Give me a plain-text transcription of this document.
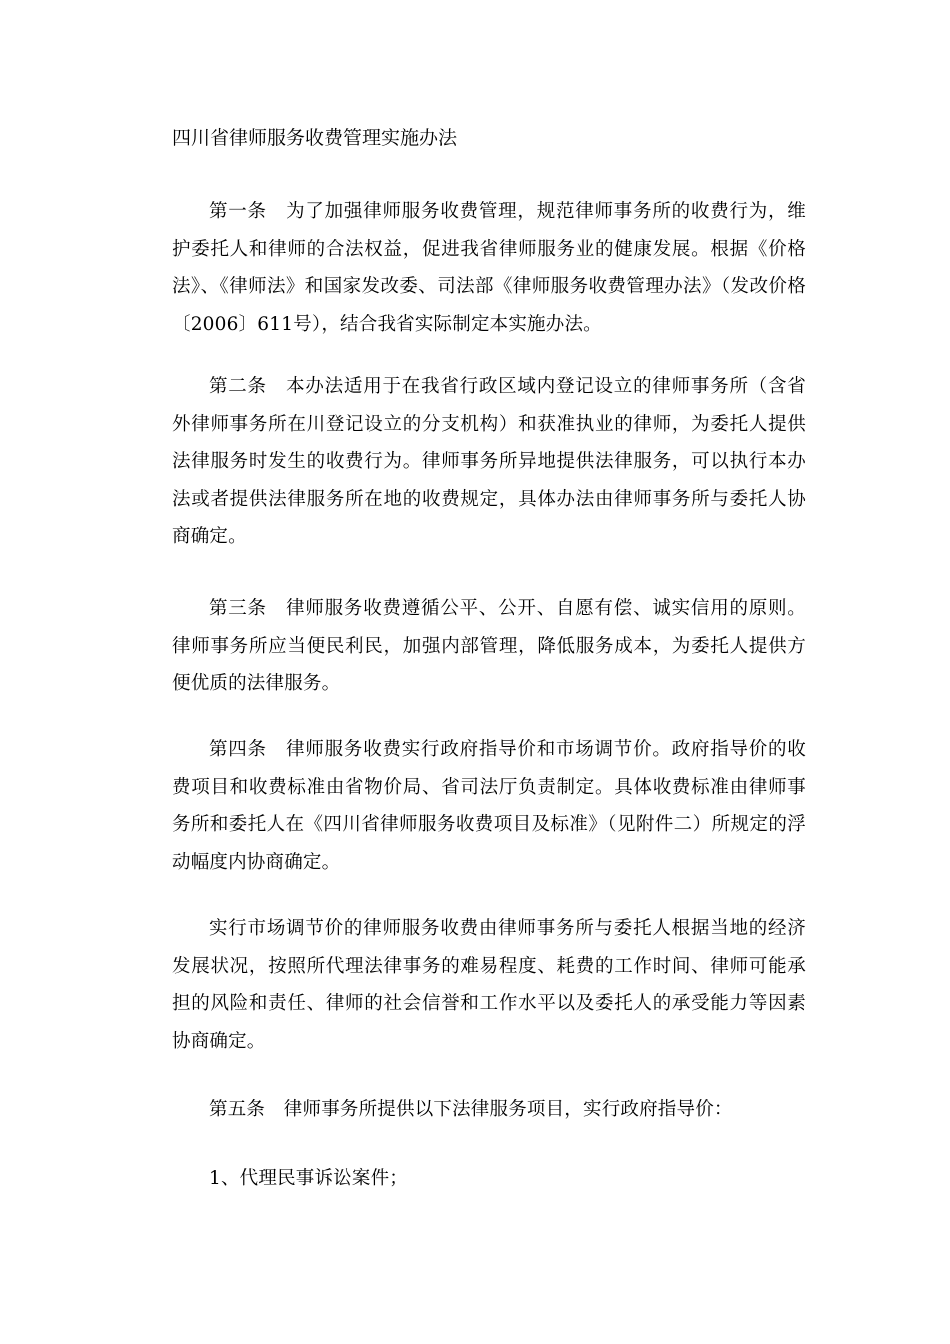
四川省律师服务收费管理实施办法

第一条　为了加强律师服务收费管理，规范律师事务所的收费行为，维护委托人和律师的合法权益，促进我省律师服务业的健康发展。根据《价格法》、《律师法》和国家发改委、司法部《律师服务收费管理办法》（发改价格〔2006〕611号），结合我省实际制定本实施办法。

第二条　本办法适用于在我省行政区域内登记设立的律师事务所（含省外律师事务所在川登记设立的分支机构）和获准执业的律师，为委托人提供法律服务时发生的收费行为。律师事务所异地提供法律服务，可以执行本办法或者提供法律服务所在地的收费规定，具体办法由律师事务所与委托人协商确定。

第三条　律师服务收费遵循公平、公开、自愿有偿、诚实信用的原则。律师事务所应当便民利民，加强内部管理，降低服务成本，为委托人提供方便优质的法律服务。

第四条　律师服务收费实行政府指导价和市场调节价。政府指导价的收费项目和收费标准由省物价局、省司法厅负责制定。具体收费标准由律师事务所和委托人在《四川省律师服务收费项目及标准》（见附件二）所规定的浮动幅度内协商确定。

实行市场调节价的律师服务收费由律师事务所与委托人根据当地的经济发展状况，按照所代理法律事务的难易程度、耗费的工作时间、律师可能承担的风险和责任、律师的社会信誉和工作水平以及委托人的承受能力等因素协商确定。

第五条　律师事务所提供以下法律服务项目，实行政府指导价：

1、代理民事诉讼案件；
